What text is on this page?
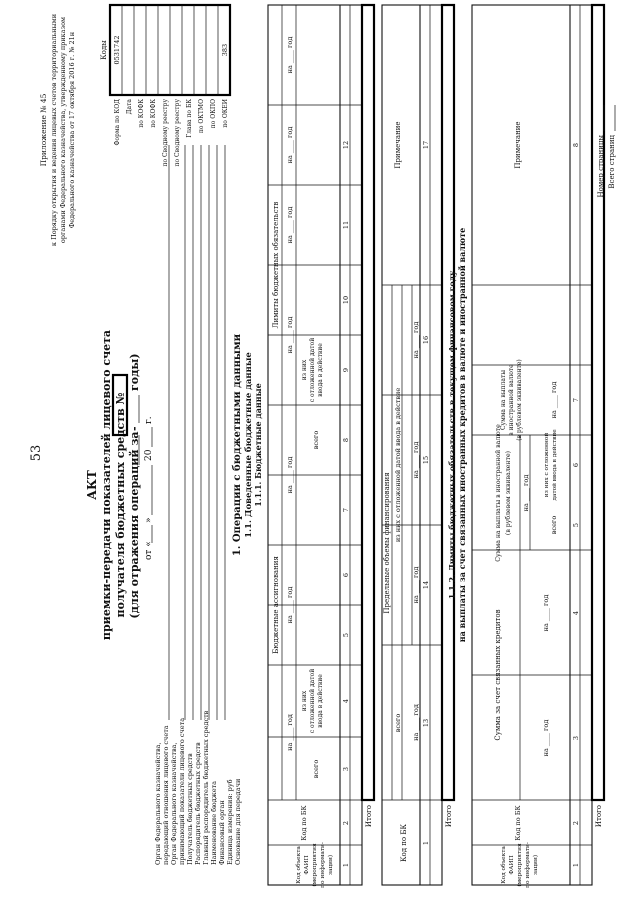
53
Приложение № 45 к Порядку открытия и ведения лицевых счетов территориальными органами Федерального казначейства, утвержденному приказом Федерального казначейства от 17 октября 2016 г. № 21н
АКТ приемки-передачи показателей лицевого счета получателя бюджетных средств № (для отражения операций за
-
годы)
от «
»
20
г.
Коды
Форма по КОД
0531742
Дата по КОФК по КОФК по Сводному реестру по Сводному реестру Глава по БК по ОКТМО по ОКПО по ОКЕИ
383
Орган Федерального казначейства, передающий отношения лицевого счета Орган Федерального казначейства, принимающий показатели лицевого счета Получатель бюджетных средств Распорядитель бюджетных средств Главный распорядитель бюджетных средств Наименование бюджета Финансовый орган Единица измерения: руб Основание для передачи
1. Операции с бюджетными данными 1.1. Доведенные бюджетные данные 1.1.1. Бюджетные данные
Код объекта ФАИП (мероприятия по информати- зации)
Код по БК
Бюджетные ассигнования
Лимиты бюджетных обязательств
на ____ год
на ____ год
на ____ год
на ____ год
на ____ год
на ____ год
на ____ год
всего
из них с отложенной датой ввода в действие
всего
из них с отложенной датой ввода в действие
1
2
3
4
5
6
7
8
9
10
11
12
Итого
Код по БК
Предельные объемы финансирования
всего
из них с отложенной датой ввода в действие
Примечание
на ____ год
на ____ год
на ____ год
на ____ год
1
13
14
15
16
17
Итого
1.1.2. Лимиты бюджетных обязательств в текущем финансовом году на выплаты за счет связанных иностранных кредитов в валюте и иностранной валюте
Код объекта ФАИП (мероприятия по информати- зации)
Код по БК
Сумма за счет связанных кредитов
Сумма на выплаты в иностранной валюте (в рублевом эквиваленте)
Сумма на выплаты в иностранной валюте (в рублевом эквиваленте)
Примечание
на ____ год
на ____ год
на ____ год
всего
из них с отложенной датой ввода в действие
на ____ год
1
2
3
4
5
6
7
8
Итого
Номер страницы Всего страниц
